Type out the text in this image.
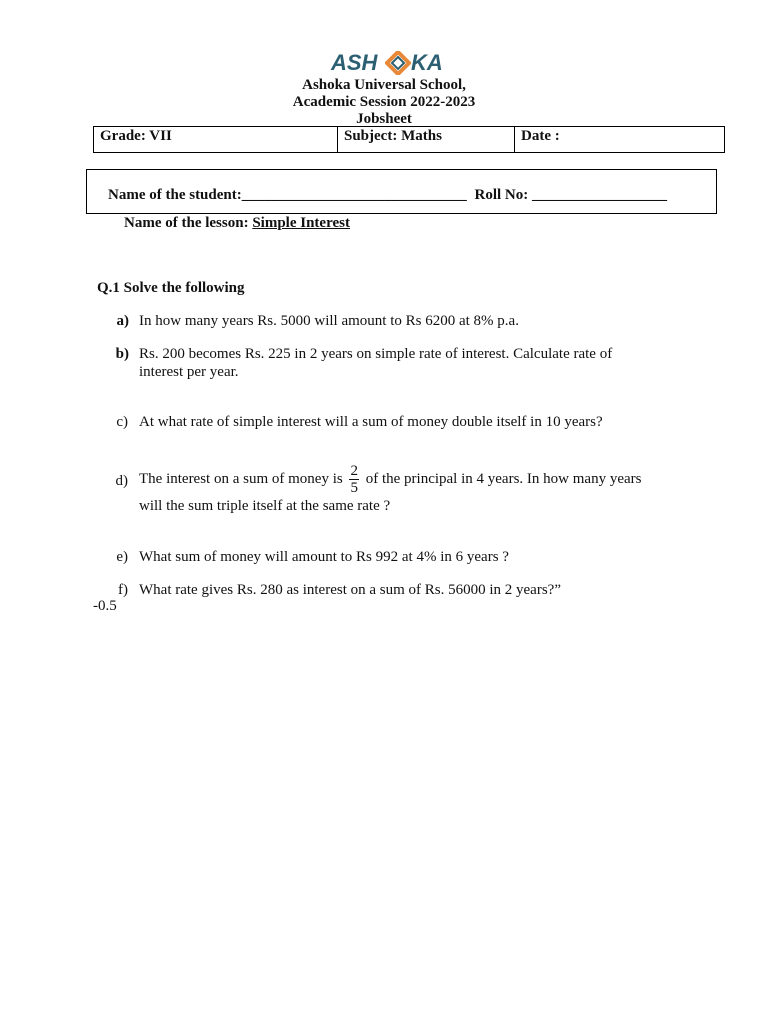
ASH KA
Ashoka Universal School,
Academic Session 2022-2023
Jobsheet
Grade: VII	Subject: Maths	Date :
Name of the student:______________________________ Roll No: __________________
Name of the lesson: Simple Interest
Q.1 Solve the following
a) In how many years Rs. 5000 will amount to Rs 6200 at 8% p.a.
b) Rs. 200 becomes Rs. 225 in 2 years on simple rate of interest. Calculate rate of
interest per year.
c) At what rate of simple interest will a sum of money double itself in 10 years?
d) The interest on a sum of money is $\frac{2}{5}$ of the principal in 4 years. In how many years
will the sum triple itself at the same rate ?
e) What sum of money will amount to Rs 992 at 4% in 6 years ?
f) What rate gives Rs. 280 as interest on a sum of Rs. 56000 in 2 years?”
-0.5
